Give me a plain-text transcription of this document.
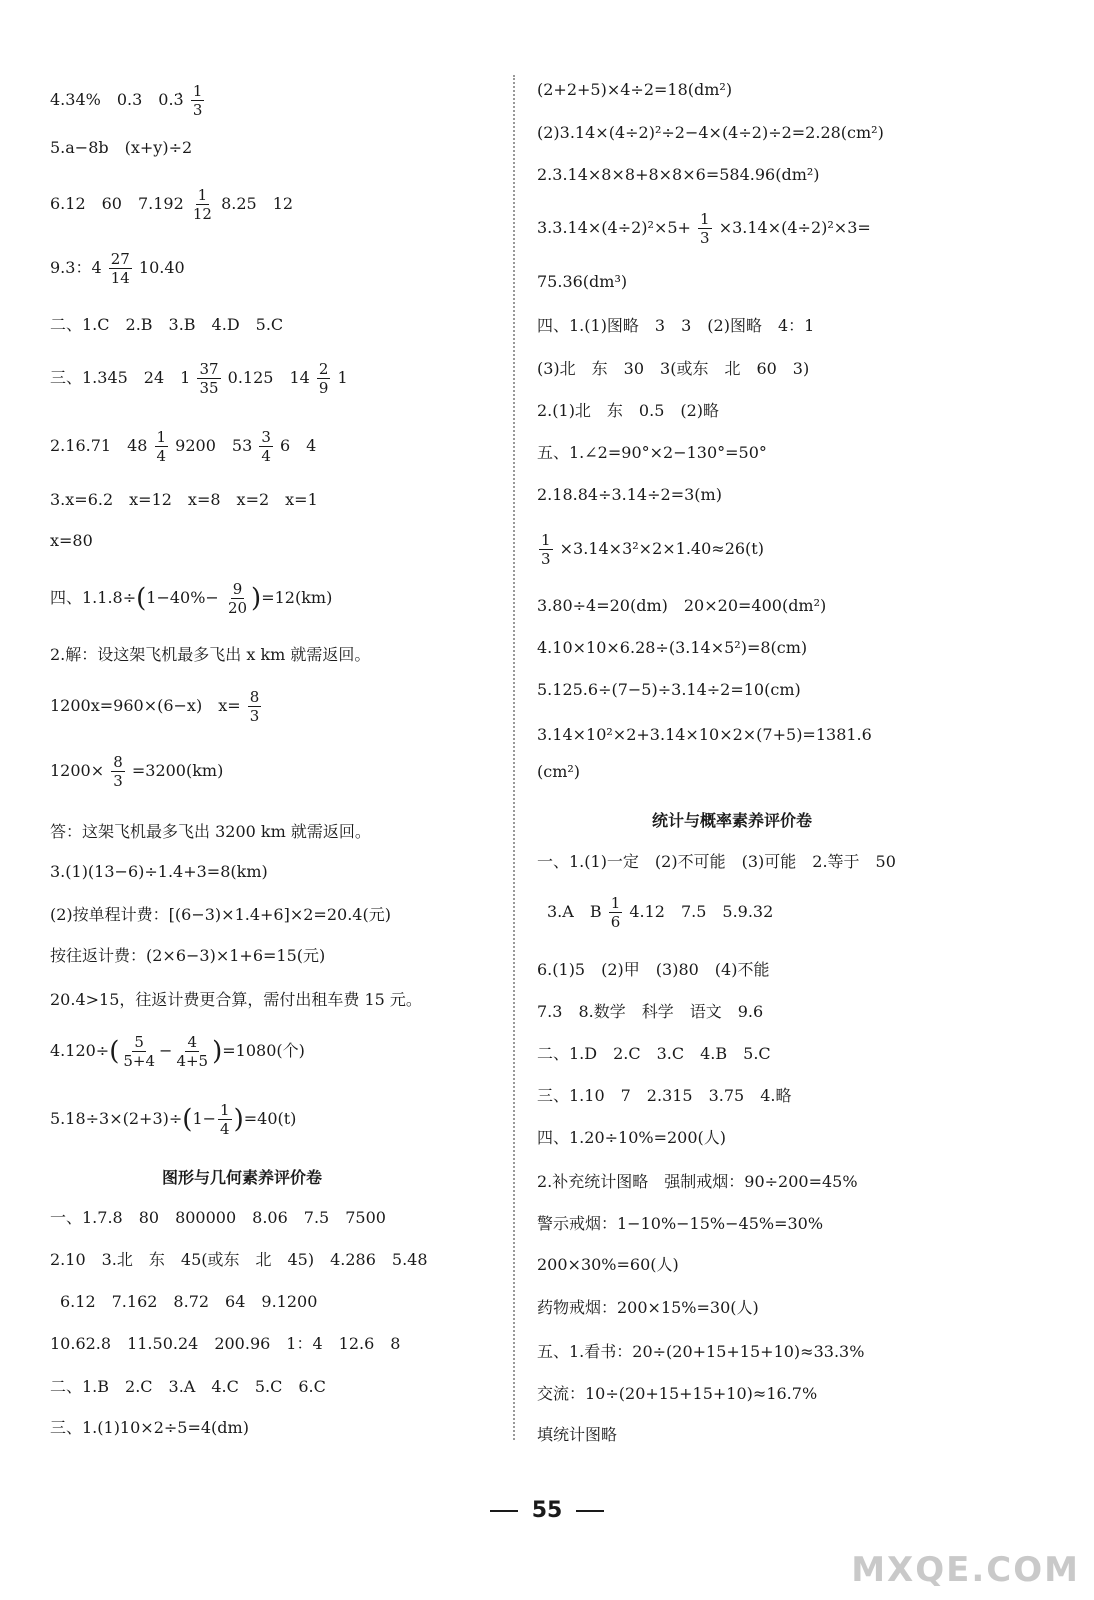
4.34%　0.3　0.3̇ $\frac{1}{3}$
5.a−8b　(x+y)÷2
6.12　60　$7.192 \frac{1}{12} 8.25$　12
9.3：$4 \frac{27}{14} 10.40$
二、1.C　2.B　3.B　4.D　5.C
三、1.345　24　$1 \frac{37}{35} 0.125$　$14 \frac{2}{9} 1$
2.16.71　$48 \frac{1}{4} 9200$　$53 \frac{3}{4} 6$　4
3.x=6.2　x=12　x=8　x=2　x=1
x=80
四、$1.1.8\div(1-40\%- \frac{9}{20} )=12(km)$
2.解：设这架飞机最多飞出 x km 就需返回。
1200x=960×(6−x)　$x= \frac{8}{3}$
$1200\times \frac{8}{3} =3200(km)$
答：这架飞机最多飞出 3200 km 就需返回。
3.(1)(13−6)÷1.4+3=8(km)
(2)按单程计费：[(6−3)×1.4+6]×2=20.4(元)
按往返计费：(2×6−3)×1+6=15(元)
20.4>15，往返计费更合算，需付出租车费 15 元。
$4.120\div( \frac{5}{5+4} - \frac{4}{4+5} )=1080$(个)
$5.18\div 3\times(2+3)\div(1- \frac{1}{4} )=40(t)$
图形与几何素养评价卷
一、1.7.8　80　800000　8.06　7.5　7500
2.10　3.北　东　45(或东　北　45)　4.286　5.48
6.12　7.162　8.72　64　9.1200
10.62.8　11.50.24　200.96　1：4　12.6　8
二、1.B　2.C　3.A　4.C　5.C　6.C
三、1.(1)10×2÷5=4(dm)
(2+2+5)×4÷2=18(dm²)
(2)3.14×(4÷2)²÷2−4×(4÷2)÷2=2.28(cm²)
2.3.14×8×8+8×8×6=584.96(dm²)
$3.3.14\times(4\div 2)^2\times 5+ \frac{1}{3} \times 3.14\times(4\div 2)^2\times 3=$
75.36(dm³)
四、1.(1)图略　3　3　(2)图略　4：1
(3)北　东　30　3(或东　北　60　3)
2.(1)北　东　0.5　(2)略
五、1.∠2=90°×2−130°=50°
2.18.84÷3.14÷2=3(m)
$\frac{1}{3} \times 3.14\times 3^2\times 2\times 1.40\approx 26(t)$
3.80÷4=20(dm)　20×20=400(dm²)
4.10×10×6.28÷(3.14×5²)=8(cm)
5.125.6÷(7−5)÷3.14÷2=10(cm)
3.14×10²×2+3.14×10×2×(7+5)=1381.6
(cm²)
统计与概率素养评价卷
一、1.(1)一定　(2)不可能　(3)可能　2.等于　50
3.A　B $\frac{1}{6} 4.12$　7.5　5.9.32
6.(1)5　(2)甲　(3)80　(4)不能
7.3　8.数学　科学　语文　9.6
二、1.D　2.C　3.C　4.B　5.C
三、1.10　7　2.315　3.75　4.略
四、1.20÷10%=200(人)
2.补充统计图略　强制戒烟：90÷200=45%
警示戒烟：1−10%−15%−45%=30%
200×30%=60(人)
药物戒烟：200×15%=30(人)
五、1.看书：20÷(20+15+15+10)≈33.3%
交流：10÷(20+15+15+10)≈16.7%
填统计图略
55
MXQE.COM
